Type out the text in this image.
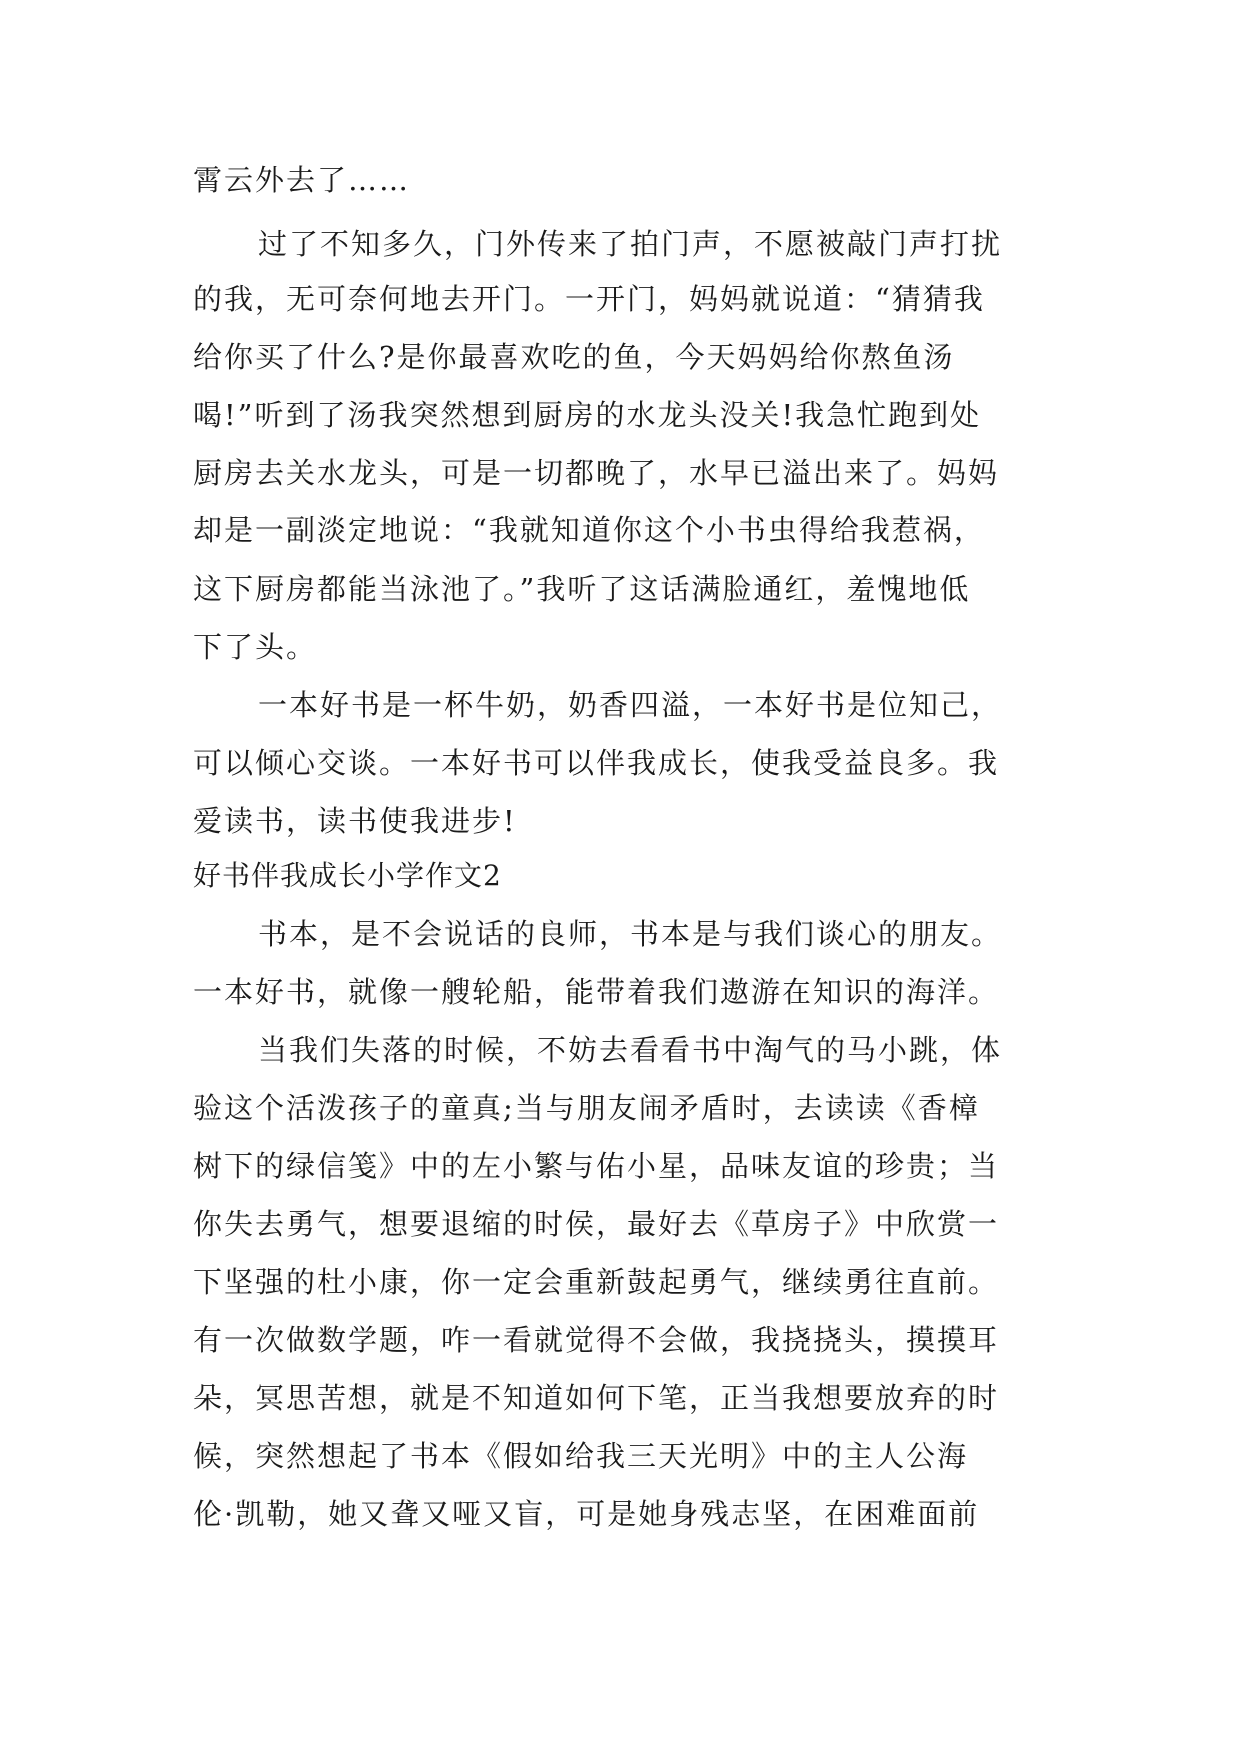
霄云外去了……
过了不知多久，门外传来了拍门声，不愿被敲门声打扰
的我，无可奈何地去开门。一开门，妈妈就说道：“猜猜我
给你买了什么?是你最喜欢吃的鱼，今天妈妈给你熬鱼汤
喝!”听到了汤我突然想到厨房的水龙头没关!我急忙跑到处
厨房去关水龙头，可是一切都晚了，水早已溢出来了。妈妈
却是一副淡定地说：“我就知道你这个小书虫得给我惹祸，
这下厨房都能当泳池了。”我听了这话满脸通红，羞愧地低
下了头。
一本好书是一杯牛奶，奶香四溢，一本好书是位知己，
可以倾心交谈。一本好书可以伴我成长，使我受益良多。我
爱读书，读书使我进步!
好书伴我成长小学作文2
书本，是不会说话的良师，书本是与我们谈心的朋友。
一本好书，就像一艘轮船，能带着我们遨游在知识的海洋。
当我们失落的时候，不妨去看看书中淘气的马小跳，体
验这个活泼孩子的童真;当与朋友闹矛盾时，去读读《香樟
树下的绿信笺》中的左小繁与佑小星，品味友谊的珍贵；当
你失去勇气，想要退缩的时侯，最好去《草房子》中欣赏一
下坚强的杜小康，你一定会重新鼓起勇气，继续勇往直前。
有一次做数学题，咋一看就觉得不会做，我挠挠头，摸摸耳
朵，冥思苦想，就是不知道如何下笔，正当我想要放弃的时
候，突然想起了书本《假如给我三天光明》中的主人公海
伦·凯勒，她又聋又哑又盲，可是她身残志坚，在困难面前
